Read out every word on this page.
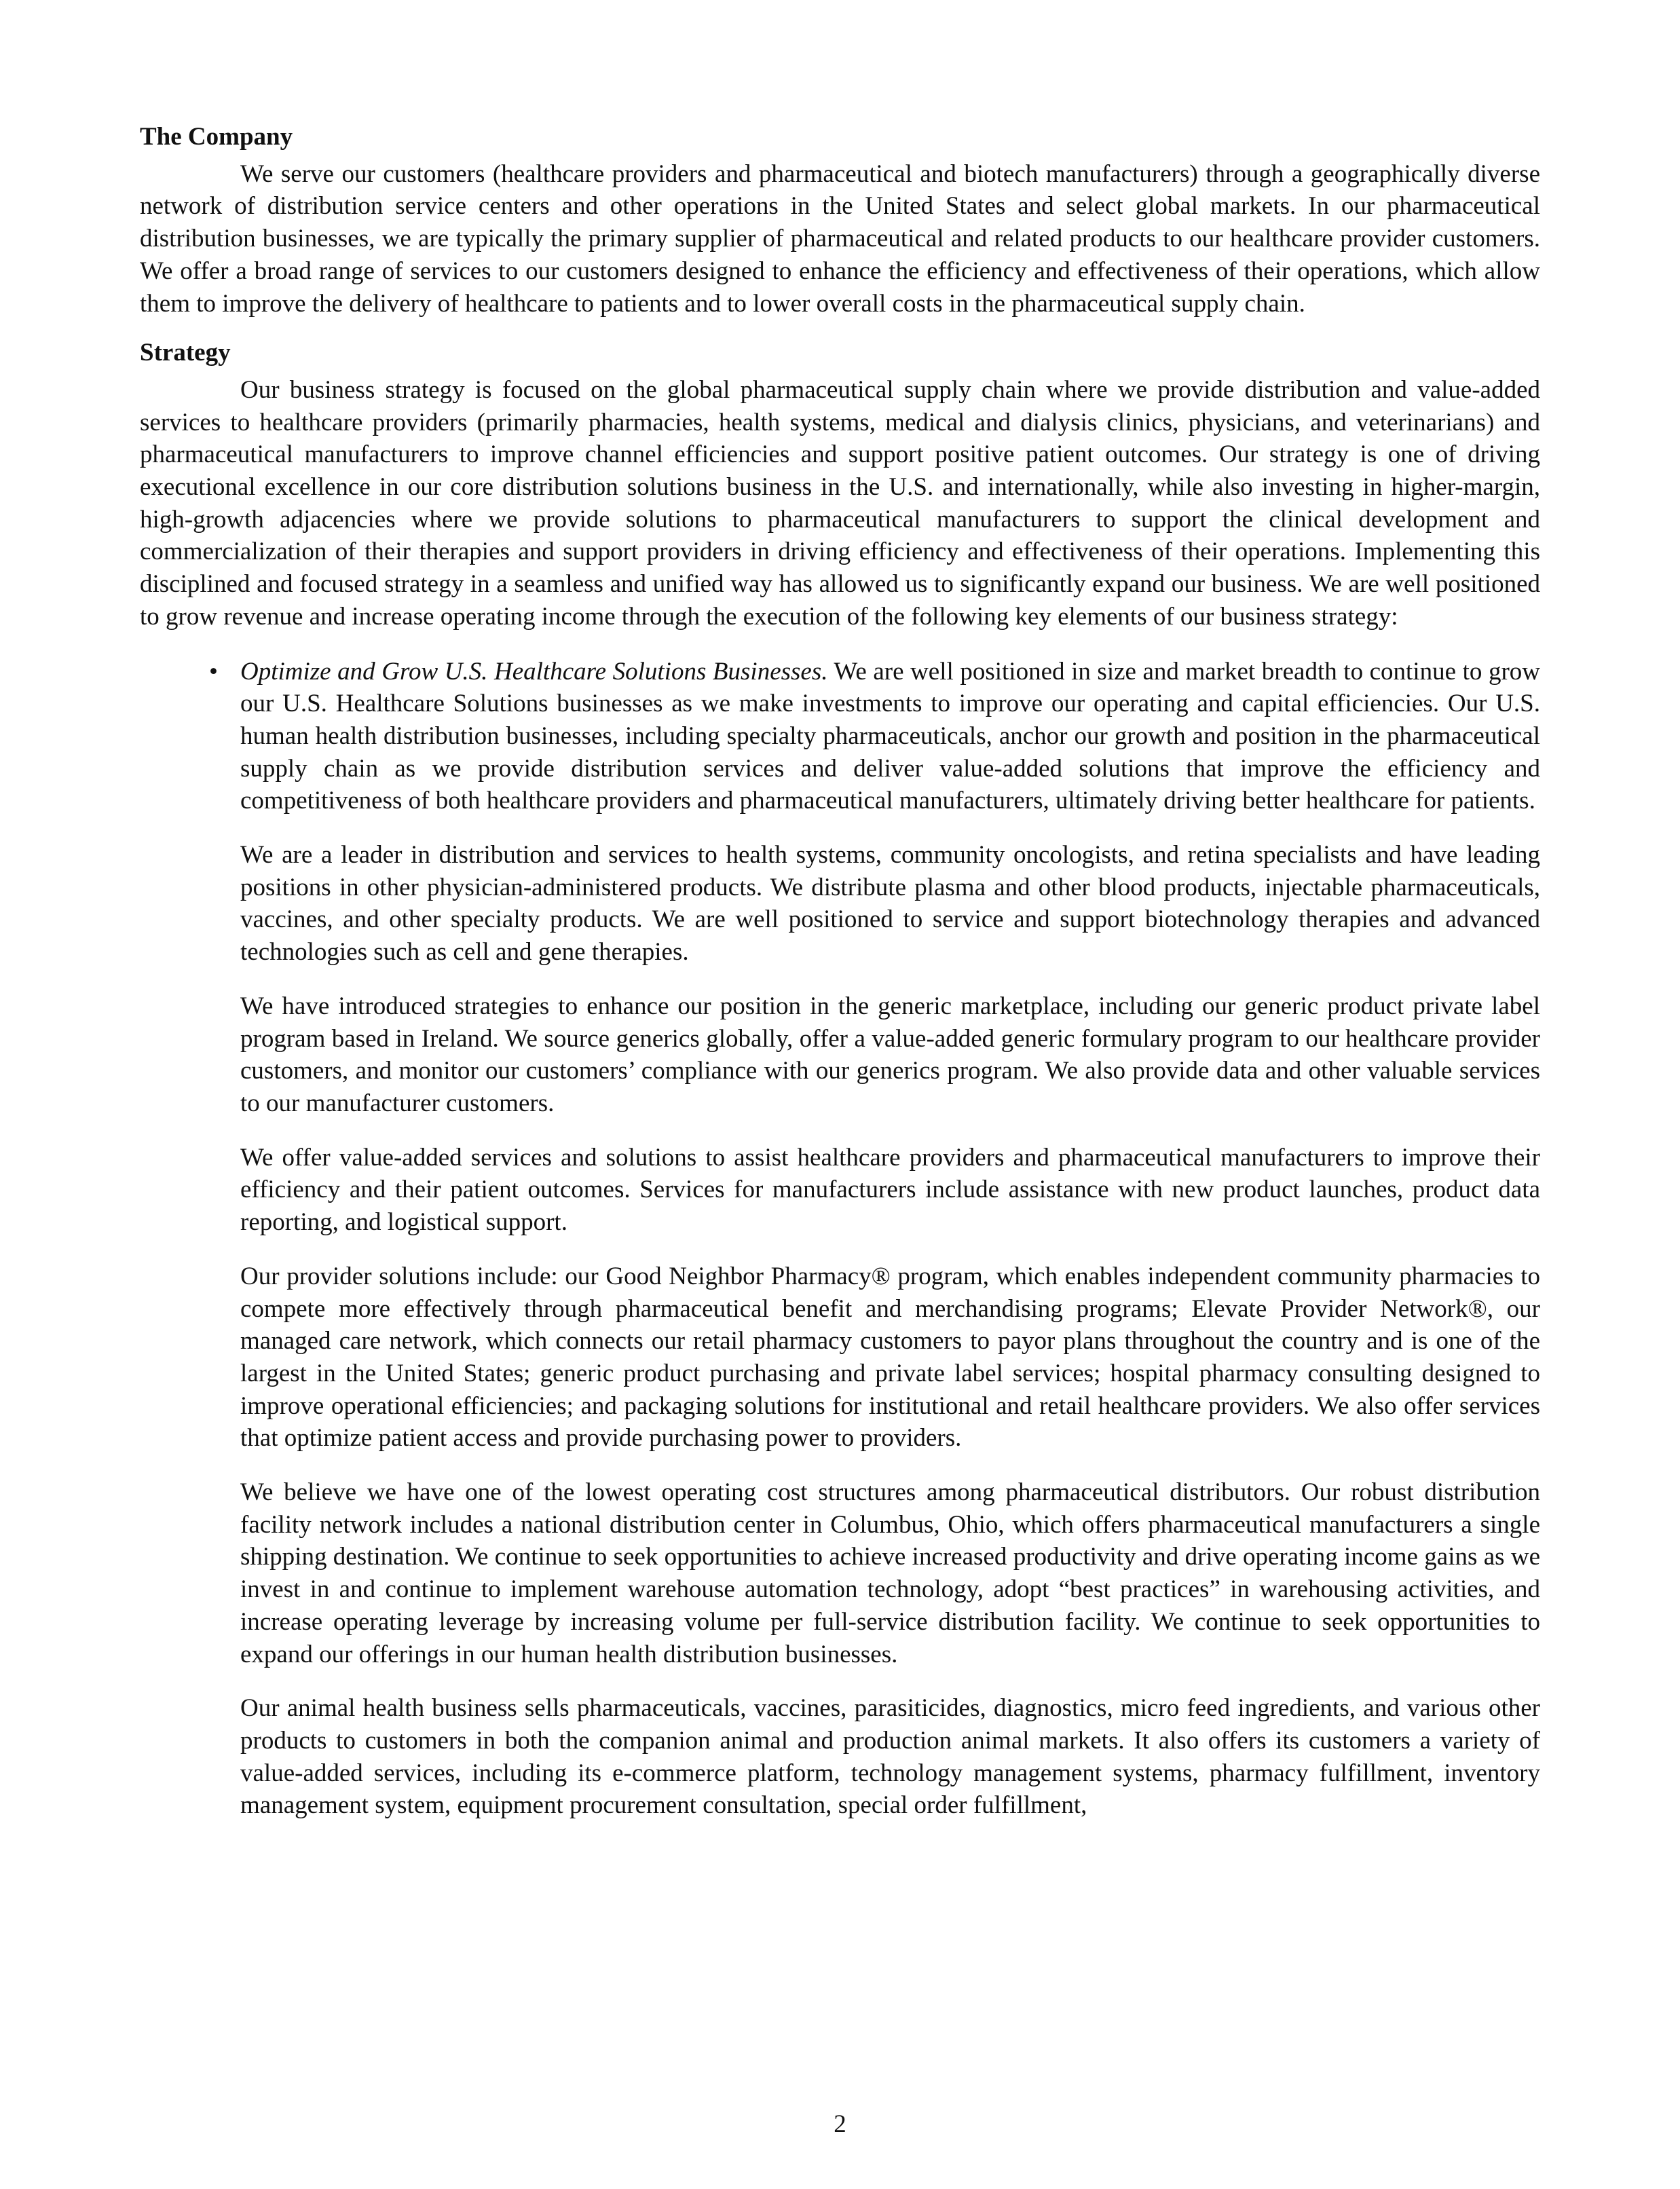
The Company

We serve our customers (healthcare providers and pharmaceutical and biotech manufacturers) through a geographically diverse network of distribution service centers and other operations in the United States and select global markets. In our pharmaceutical distribution businesses, we are typically the primary supplier of pharmaceutical and related products to our healthcare provider customers. We offer a broad range of services to our customers designed to enhance the efficiency and effectiveness of their operations, which allow them to improve the delivery of healthcare to patients and to lower overall costs in the pharmaceutical supply chain.

Strategy

Our business strategy is focused on the global pharmaceutical supply chain where we provide distribution and value-added services to healthcare providers (primarily pharmacies, health systems, medical and dialysis clinics, physicians, and veterinarians) and pharmaceutical manufacturers to improve channel efficiencies and support positive patient outcomes. Our strategy is one of driving executional excellence in our core distribution solutions business in the U.S. and internationally, while also investing in higher-margin, high-growth adjacencies where we provide solutions to pharmaceutical manufacturers to support the clinical development and commercialization of their therapies and support providers in driving efficiency and effectiveness of their operations. Implementing this disciplined and focused strategy in a seamless and unified way has allowed us to significantly expand our business. We are well positioned to grow revenue and increase operating income through the execution of the following key elements of our business strategy:

• Optimize and Grow U.S. Healthcare Solutions Businesses. We are well positioned in size and market breadth to continue to grow our U.S. Healthcare Solutions businesses as we make investments to improve our operating and capital efficiencies. Our U.S. human health distribution businesses, including specialty pharmaceuticals, anchor our growth and position in the pharmaceutical supply chain as we provide distribution services and deliver value-added solutions that improve the efficiency and competitiveness of both healthcare providers and pharmaceutical manufacturers, ultimately driving better healthcare for patients.

We are a leader in distribution and services to health systems, community oncologists, and retina specialists and have leading positions in other physician-administered products. We distribute plasma and other blood products, injectable pharmaceuticals, vaccines, and other specialty products. We are well positioned to service and support biotechnology therapies and advanced technologies such as cell and gene therapies.

We have introduced strategies to enhance our position in the generic marketplace, including our generic product private label program based in Ireland. We source generics globally, offer a value-added generic formulary program to our healthcare provider customers, and monitor our customers’ compliance with our generics program. We also provide data and other valuable services to our manufacturer customers.

We offer value-added services and solutions to assist healthcare providers and pharmaceutical manufacturers to improve their efficiency and their patient outcomes. Services for manufacturers include assistance with new product launches, product data reporting, and logistical support.

Our provider solutions include: our Good Neighbor Pharmacy® program, which enables independent community pharmacies to compete more effectively through pharmaceutical benefit and merchandising programs; Elevate Provider Network®, our managed care network, which connects our retail pharmacy customers to payor plans throughout the country and is one of the largest in the United States; generic product purchasing and private label services; hospital pharmacy consulting designed to improve operational efficiencies; and packaging solutions for institutional and retail healthcare providers. We also offer services that optimize patient access and provide purchasing power to providers.

We believe we have one of the lowest operating cost structures among pharmaceutical distributors. Our robust distribution facility network includes a national distribution center in Columbus, Ohio, which offers pharmaceutical manufacturers a single shipping destination. We continue to seek opportunities to achieve increased productivity and drive operating income gains as we invest in and continue to implement warehouse automation technology, adopt “best practices” in warehousing activities, and increase operating leverage by increasing volume per full-service distribution facility. We continue to seek opportunities to expand our offerings in our human health distribution businesses.

Our animal health business sells pharmaceuticals, vaccines, parasiticides, diagnostics, micro feed ingredients, and various other products to customers in both the companion animal and production animal markets. It also offers its customers a variety of value-added services, including its e-commerce platform, technology management systems, pharmacy fulfillment, inventory management system, equipment procurement consultation, special order fulfillment,

2
